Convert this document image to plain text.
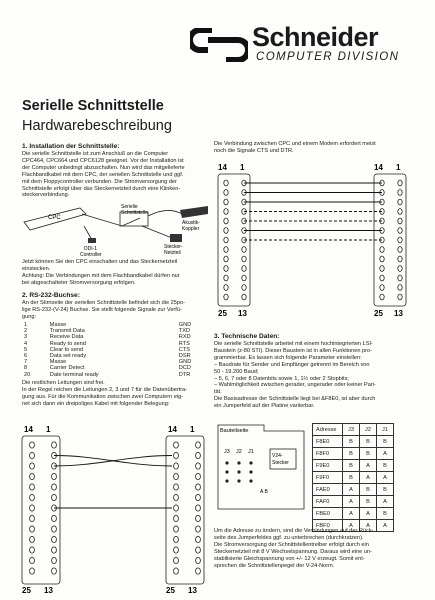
Schneider
COMPUTER DIVISION
Serielle Schnittstelle
Hardwarebeschreibung
1. Installation der Schnittstelle:
Die serielle Schnittstelle ist zum Anschluß an die Computer
CPC464, CPC664 und CPC6128 geeignet. Vor der Installation ist
der Computer unbedingt abzuschalten. Nun wird das mitgelieferte
Flachbandkabel mit dem CPC, der seriellen Schnittstelle und ggf.
mit dem Floppycontroller verbunden. Die Stromversorgung der
Schnittstelle erfolgt über das Steckernetzteil durch eine Klinken-
steckerverbindung.
CPC
Serielle
Schnittstelle
Akustik-
Koppler
Stecker-
Netzteil
DDI-1
Controller
Jetzt können Sie den CPC einschalten und das Steckernetzteil
einstecken.
Achtung: Die Verbindungen mit dem Flachbandkabel dürfen nur
bei abgeschalteter Stromversorgung erfolgen.
2. RS-232-Buchse:
An der Stirnseite der seriellen Schnittstelle befindet sich die 25po-
lige RS-232-(V-24) Buchse. Sie stellt folgende Signale zur Verfü-
gung:
1	Masse	GND
2	Transmit Data	TXD
3	Receive Data	RXD
4	Ready to send	RTS
5	Clear to send	CTS
6	Data set ready	DSR
7	Masse	GND
8	Carrier Detect	DCD
20	Date terminal ready	DTR
Die restlichen Leitungen sind frei.
In der Regel reichen die Leitungen 2, 3 und 7 für die Datenübertra-
gung aus. Für die Kommunikation zwischen zwei Computern eig-
net sich dann ein dreipoliges Kabel mit folgender Belegung:
14 1
25 13
14 1
25 13
Die Verbindung zwischen CPC und einem Modem erfordert meist
noch die Signale CTS und DTR.
14 1
25 13
14 1
25 13
3. Technische Daten:
Die serielle Schnittstelle arbeitet mit einem hochintegrierten LSI-
Baustein (z-80 STI). Dieser Baustein ist in allen Funktionen pro-
grammierbar. Es lassen sich folgende Parameter einstellen:
– Baudrate für Sender und Empfänger getrennt im Bereich von
50 - 19.200 Baud;
– 5, 6, 7 oder 8 Datenbits sowie 1, 1½ oder 2 Stopbits;
– Wahlmöglichkeit zwischen gerader, ungerader oder keiner Pari-
tät.
Die Basisadresse der Schnittstelle liegt bei &F8E0, ist aber durch
ein Jumperfeld auf der Platine variierbar.
Bauteilseite
J3 J2 J1
V24-
Stecker
A B
Adresse	J3	J2	J1
F8E0	B	B	B
F8F0	B	B	A
F9E0	B	A	B
F9F0	B	A	A
FAE0	A	B	B
FAF0	A	B	A
FBE0	A	A	B
FBF0	A	A	A
Um die Adresse zu ändern, sind die Verbindungen auf der Rück-
seite des Jumperfeldes ggf. zu unterbrechen (durchkratzen).
Die Stromversorgung der Schnittstellentreiber erfolgt durch ein
Steckernetzteil mit 8 V Wechselspannung. Daraus wird eine un-
stabilisierte Gleichspannung von +/- 12 V erzeugt. Somit ent-
sprechen die Schnittstellenpegel der V-24-Norm.
